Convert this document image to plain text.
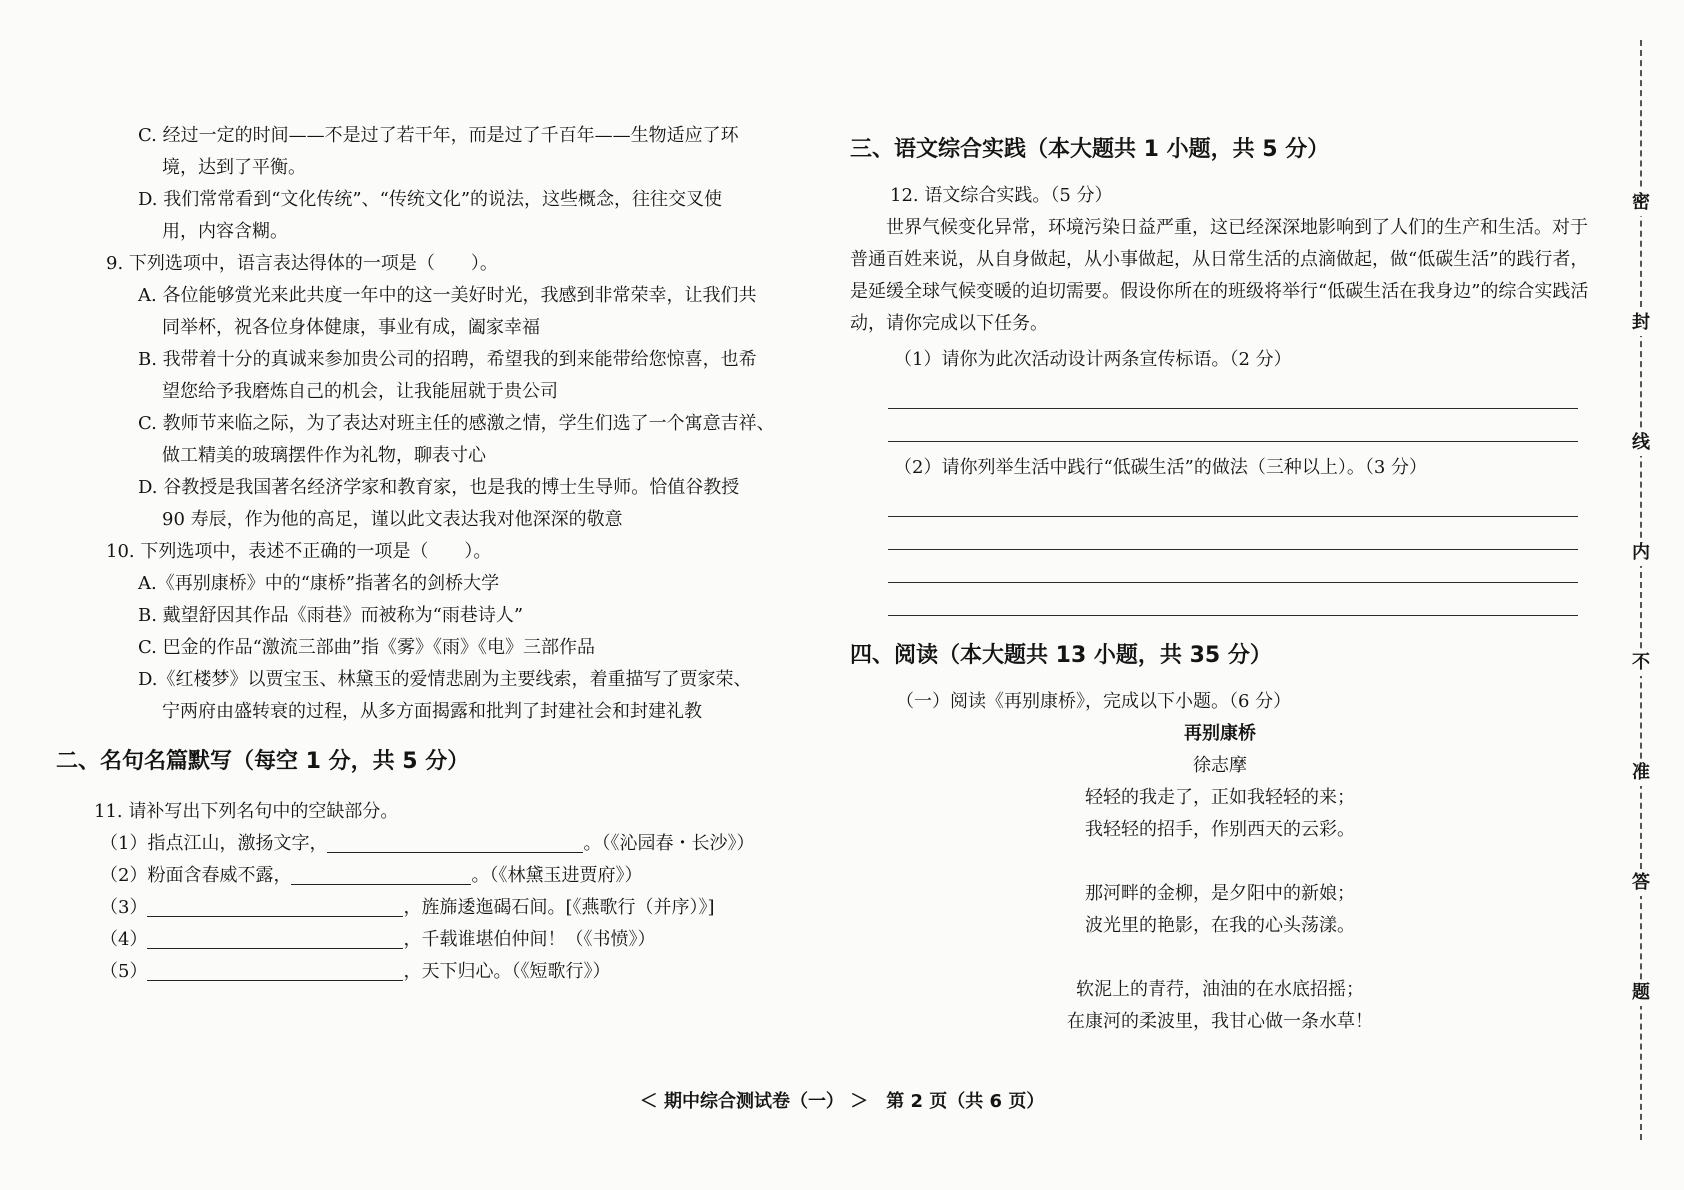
C. 经过一定的时间——不是过了若干年，而是过了千百年——生物适应了环
境，达到了平衡。
D. 我们常常看到“文化传统”、“传统文化”的说法，这些概念，往往交叉使
用，内容含糊。
9. 下列选项中，语言表达得体的一项是（　　）。
A. 各位能够赏光来此共度一年中的这一美好时光，我感到非常荣幸，让我们共
同举杯，祝各位身体健康，事业有成，阖家幸福
B. 我带着十分的真诚来参加贵公司的招聘，希望我的到来能带给您惊喜，也希
望您给予我磨炼自己的机会，让我能屈就于贵公司
C. 教师节来临之际，为了表达对班主任的感激之情，学生们选了一个寓意吉祥、
做工精美的玻璃摆件作为礼物，聊表寸心
D. 谷教授是我国著名经济学家和教育家，也是我的博士生导师。恰值谷教授
90 寿辰，作为他的高足，谨以此文表达我对他深深的敬意
10. 下列选项中，表述不正确的一项是（　　）。
A.《再别康桥》中的“康桥”指著名的剑桥大学
B. 戴望舒因其作品《雨巷》而被称为“雨巷诗人”
C. 巴金的作品“激流三部曲”指《雾》《雨》《电》三部作品
D.《红楼梦》以贾宝玉、林黛玉的爱情悲剧为主要线索，着重描写了贾家荣、
宁两府由盛转衰的过程，从多方面揭露和批判了封建社会和封建礼教
二、名句名篇默写（每空 1 分，共 5 分）
11. 请补写出下列名句中的空缺部分。
（1）指点江山，激扬文字，	。（《沁园春・长沙》）
（2）粉面含春威不露，	。（《林黛玉进贾府》）
（3）	，旌旆逶迤碣石间。[《燕歌行（并序）》]
（4）	，千载谁堪伯仲间！（《书愤》）
（5）	，天下归心。（《短歌行》）
三、语文综合实践（本大题共 1 小题，共 5 分）
12. 语文综合实践。（5 分）
世界气候变化异常，环境污染日益严重，这已经深深地影响到了人们的生产和生活。对于普通百姓来说，从自身做起，从小事做起，从日常生活的点滴做起，做“低碳生活”的践行者，是延缓全球气候变暖的迫切需要。假设你所在的班级将举行“低碳生活在我身边”的综合实践活动，请你完成以下任务。
（1）请你为此次活动设计两条宣传标语。（2 分）
（2）请你列举生活中践行“低碳生活”的做法（三种以上）。（3 分）
四、阅读（本大题共 13 小题，共 35 分）
（一）阅读《再别康桥》，完成以下小题。（6 分）
再别康桥
徐志摩
轻轻的我走了，正如我轻轻的来；
我轻轻的招手，作别西天的云彩。
那河畔的金柳，是夕阳中的新娘；
波光里的艳影，在我的心头荡漾。
软泥上的青荇，油油的在水底招摇；
在康河的柔波里，我甘心做一条水草！
＜ 期中综合测试卷（一） ＞　第 2 页（共 6 页）
密
封
线
内
不
准
答
题
